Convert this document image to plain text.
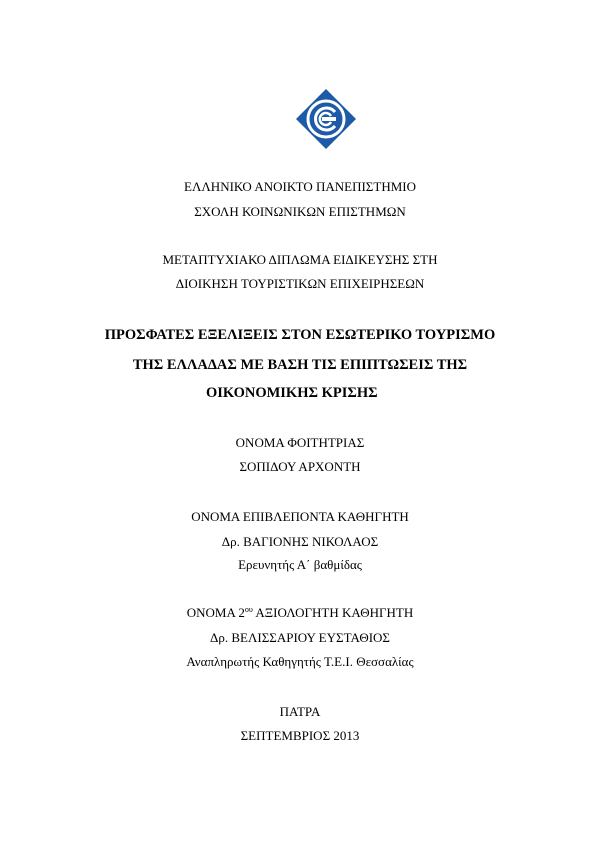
ΕΛΛΗΝΙΚΟ ΑΝΟΙΚΤΟ ΠΑΝΕΠΙΣΤΗΜΙΟ
ΣΧΟΛΗ ΚΟΙΝΩΝΙΚΩΝ ΕΠΙΣΤΗΜΩΝ
ΜΕΤΑΠΤΥΧΙΑΚΟ ΔΙΠΛΩΜΑ ΕΙΔΙΚΕΥΣΗΣ ΣΤΗ
ΔΙΟΙΚΗΣΗ ΤΟΥΡΙΣΤΙΚΩΝ ΕΠΙΧΕΙΡΗΣΕΩΝ
ΠΡΟΣΦΑΤΕΣ ΕΞΕΛΙΞΕΙΣ ΣΤΟΝ ΕΣΩΤΕΡΙΚΟ ΤΟΥΡΙΣΜΟ
ΤΗΣ ΕΛΛΑΔΑΣ ΜΕ ΒΑΣΗ ΤΙΣ ΕΠΙΠΤΩΣΕΙΣ ΤΗΣ
ΟΙΚΟΝΟΜΙΚΗΣ ΚΡΙΣΗΣ
ΟΝΟΜΑ ΦΟΙΤΗΤΡΙΑΣ
ΣΟΠΙΔΟΥ ΑΡΧΟΝΤΗ
ΟΝΟΜΑ ΕΠΙΒΛΕΠΟΝΤΑ ΚΑΘΗΓΗΤΗ
Δρ. ΒΑΓΙΟΝΗΣ ΝΙΚΟΛΑΟΣ
Ερευνητής Α΄ βαθμίδας
ΟΝΟΜΑ $2^{o\upsilon}$ ΑΞΙΟΛΟΓΗΤΗ ΚΑΘΗΓΗΤΗ
Δρ. ΒΕΛΙΣΣΑΡΙΟΥ ΕΥΣΤΑΘΙΟΣ
Αναπληρωτής Καθηγητής Τ.Ε.Ι. Θεσσαλίας
ΠΑΤΡΑ
ΣΕΠΤΕΜΒΡΙΟΣ 2013
